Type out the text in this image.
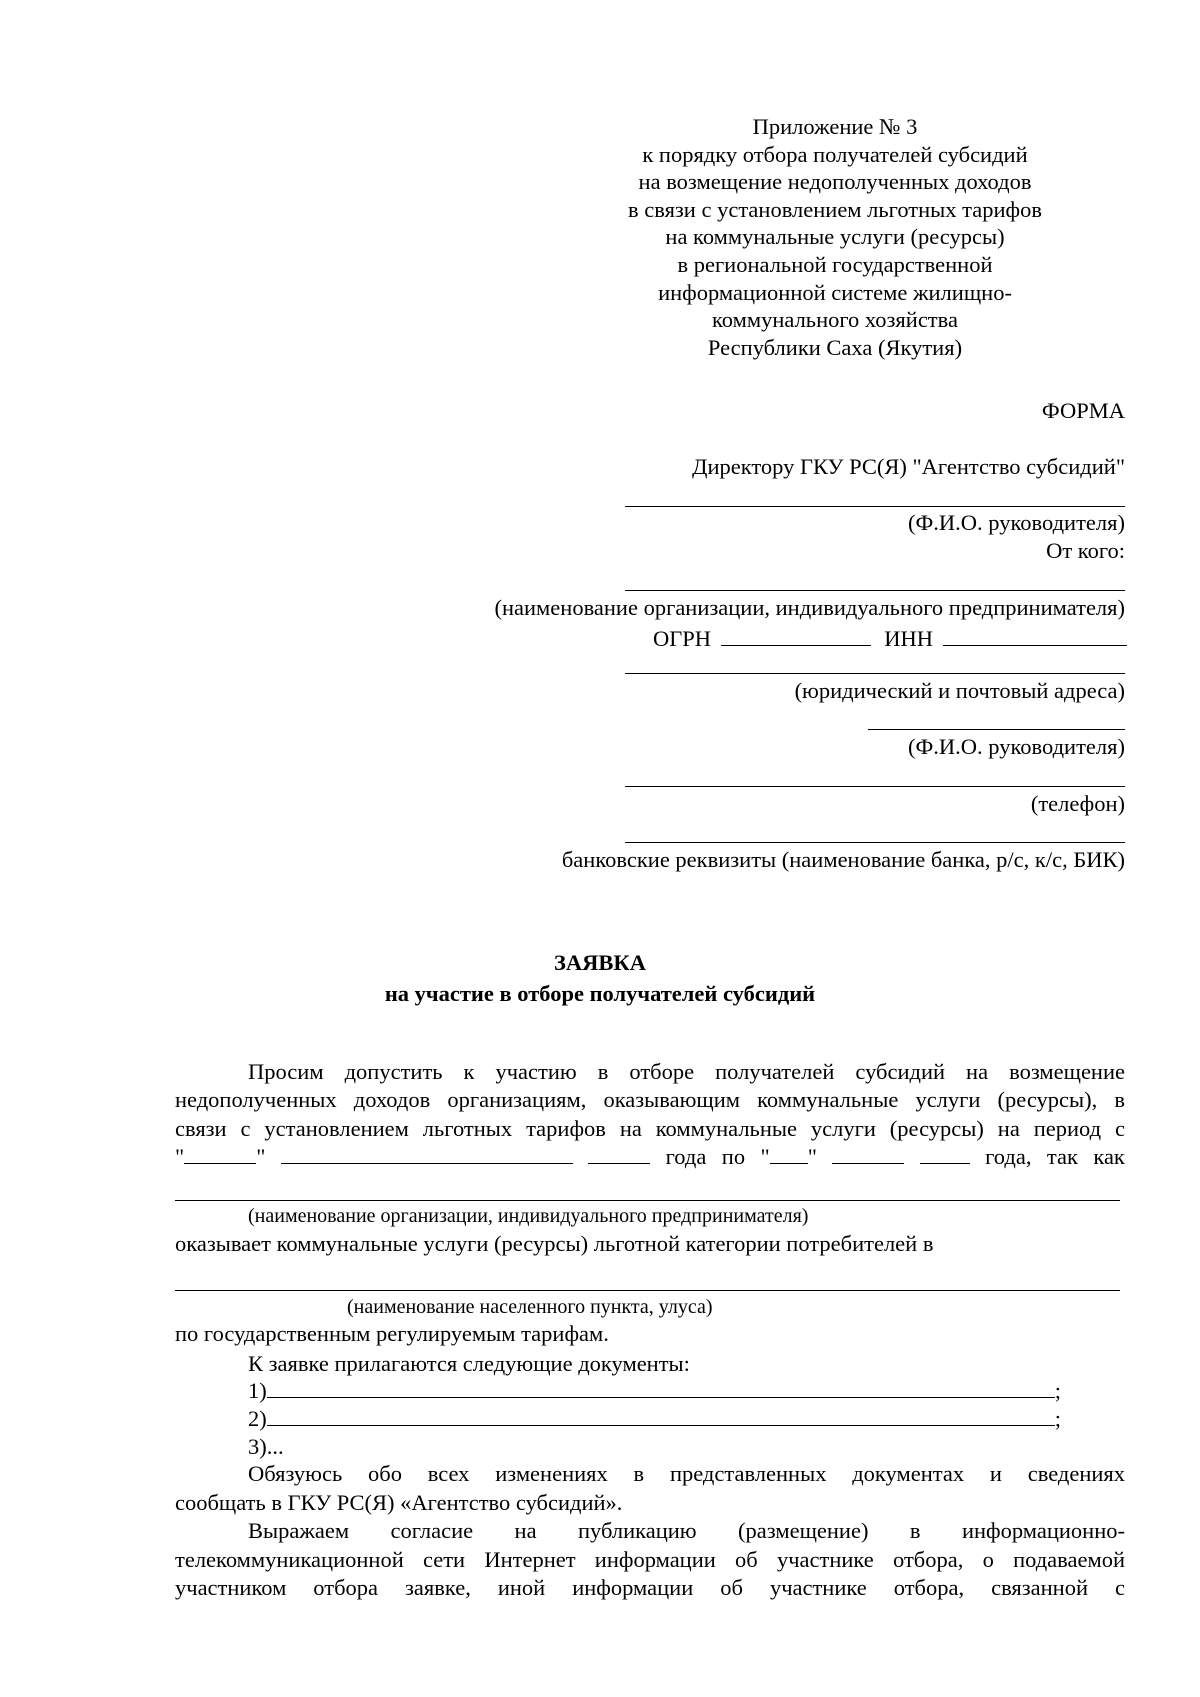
Приложение № 3
к порядку отбора получателей субсидий
на возмещение недополученных доходов
в связи с установлением льготных тарифов
на коммунальные услуги (ресурсы)
в региональной государственной
информационной системе жилищно-
коммунального хозяйства
Республики Саха (Якутия)
ФОРМА
Директору ГКУ РС(Я) "Агентство субсидий"
(Ф.И.О. руководителя)
От кого:
(наименование организации, индивидуального предпринимателя)
ОГРН	ИНН
(юридический и почтовый адреса)
(Ф.И.О. руководителя)
(телефон)
банковские реквизиты (наименование банка, р/с, к/с, БИК)
ЗАЯВКА
на участие в отборе получателей субсидий
Просим допустить к участию в отборе получателей субсидий на возмещение
недополученных доходов организациям, оказывающим коммунальные услуги (ресурсы), в
связи с установлением льготных тарифов на коммунальные услуги (ресурсы) на период с
"	"	года по " "	года, так как
(наименование организации, индивидуального предпринимателя)
оказывает коммунальные услуги (ресурсы) льготной категории потребителей в
(наименование населенного пункта, улуса)
по государственным регулируемым тарифам.
К заявке прилагаются следующие документы:
1)	;
2)	;
3)...
Обязуюсь обо всех изменениях в представленных документах и сведениях
сообщать в ГКУ РС(Я) «Агентство субсидий».
Выражаем согласие на публикацию (размещение) в информационно-
телекоммуникационной сети Интернет информации об участнике отбора, о подаваемой
участником отбора заявке, иной информации об участнике отбора, связанной с
